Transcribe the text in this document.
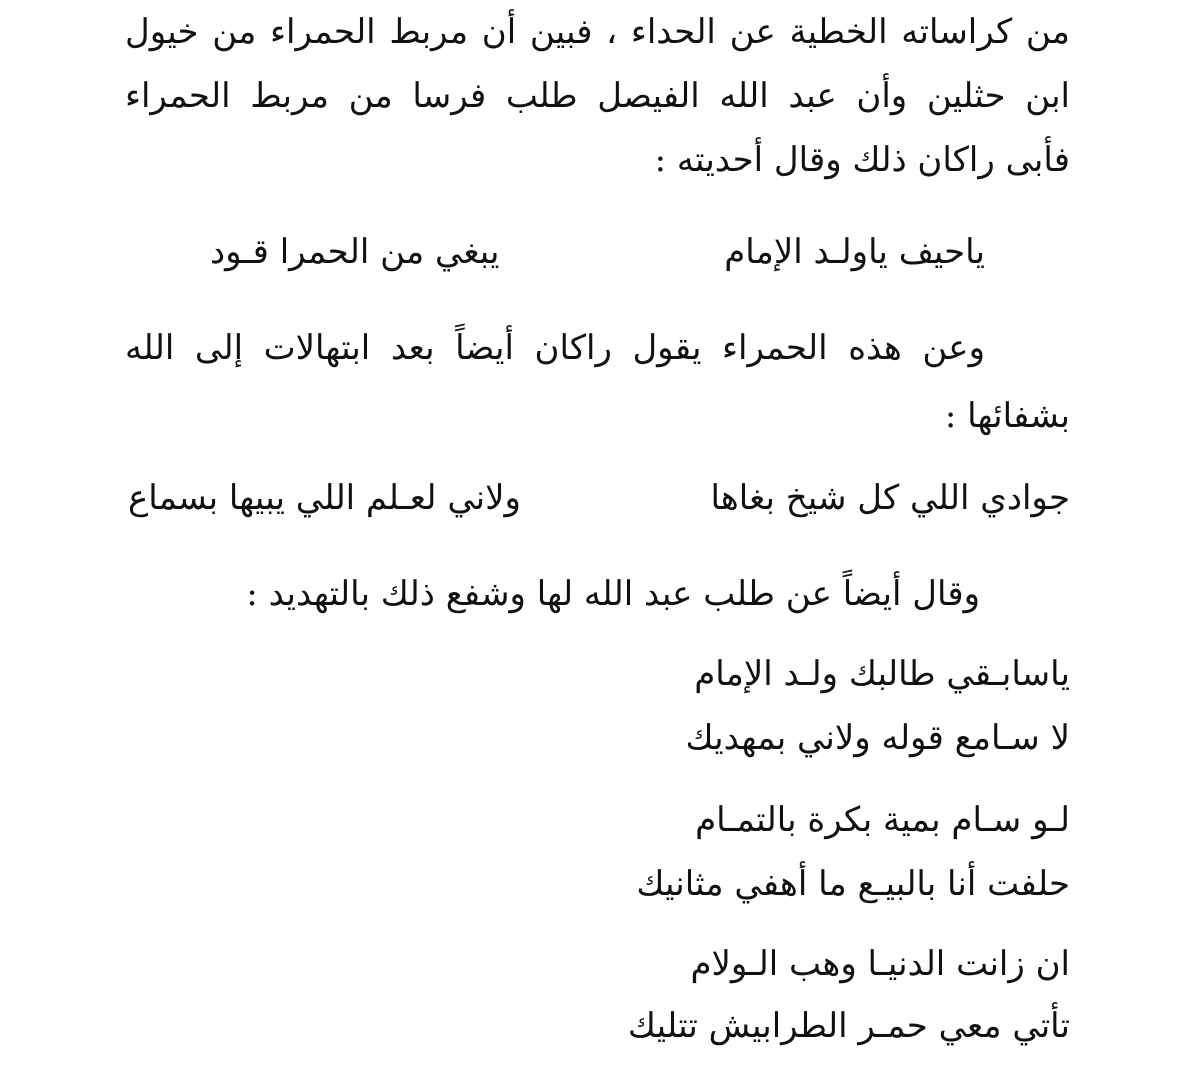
من كراساته الخطية عن الحداء ، فبين أن مربط الحمراء من خيول
ابن حثلين وأن عبد الله الفيصل طلب فرسا من مربط الحمراء
فأبى راكان ذلك وقال أحديته :
ياحيف ياولـد الإمام
يبغي من الحمرا قـود
وعن هذه الحمراء يقول راكان أيضاً بعد ابتهالات إلى الله
بشفائها :
جوادي اللي كل شيخ بغاها
ولاني لعـلم اللي يبيها بسماع
وقال أيضاً عن طلب عبد الله لها وشفع ذلك بالتهديد :
ياسابـقي طالبك ولـد الإمام
لا سـامع قوله ولاني بمهديك
لـو سـام بمية بكرة بالتمـام
حلفت أنا بالبيـع ما أهفي مثانيك
ان زانت الدنيـا وهب الـولام
تأتي معي حمـر الطرابيش تتليك
